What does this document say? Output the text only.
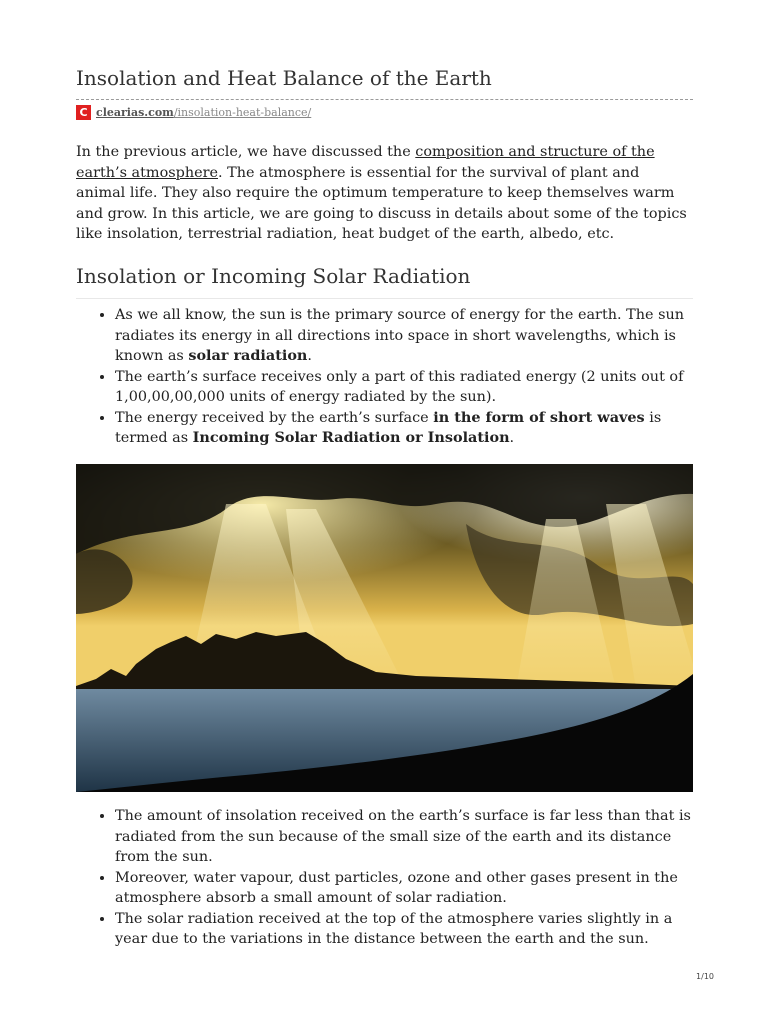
Insolation and Heat Balance of the Earth
C clearias.com /insolation-heat-balance/

In the previous article, we have discussed the composition and structure of the earth’s atmosphere. The atmosphere is essential for the survival of plant and animal life. They also require the optimum temperature to keep themselves warm and grow. In this article, we are going to discuss in details about some of the topics like insolation, terrestrial radiation, heat budget of the earth, albedo, etc.

Insolation or Incoming Solar Radiation
• As we all know, the sun is the primary source of energy for the earth. The sun radiates its energy in all directions into space in short wavelengths, which is known as solar radiation.
• The earth’s surface receives only a part of this radiated energy (2 units out of 1,00,00,00,000 units of energy radiated by the sun).
• The energy received by the earth’s surface in the form of short waves is termed as Incoming Solar Radiation or Insolation.
• The amount of insolation received on the earth’s surface is far less than that is radiated from the sun because of the small size of the earth and its distance from the sun.
• Moreover, water vapour, dust particles, ozone and other gases present in the atmosphere absorb a small amount of solar radiation.
• The solar radiation received at the top of the atmosphere varies slightly in a year due to the variations in the distance between the earth and the sun.
1/10
